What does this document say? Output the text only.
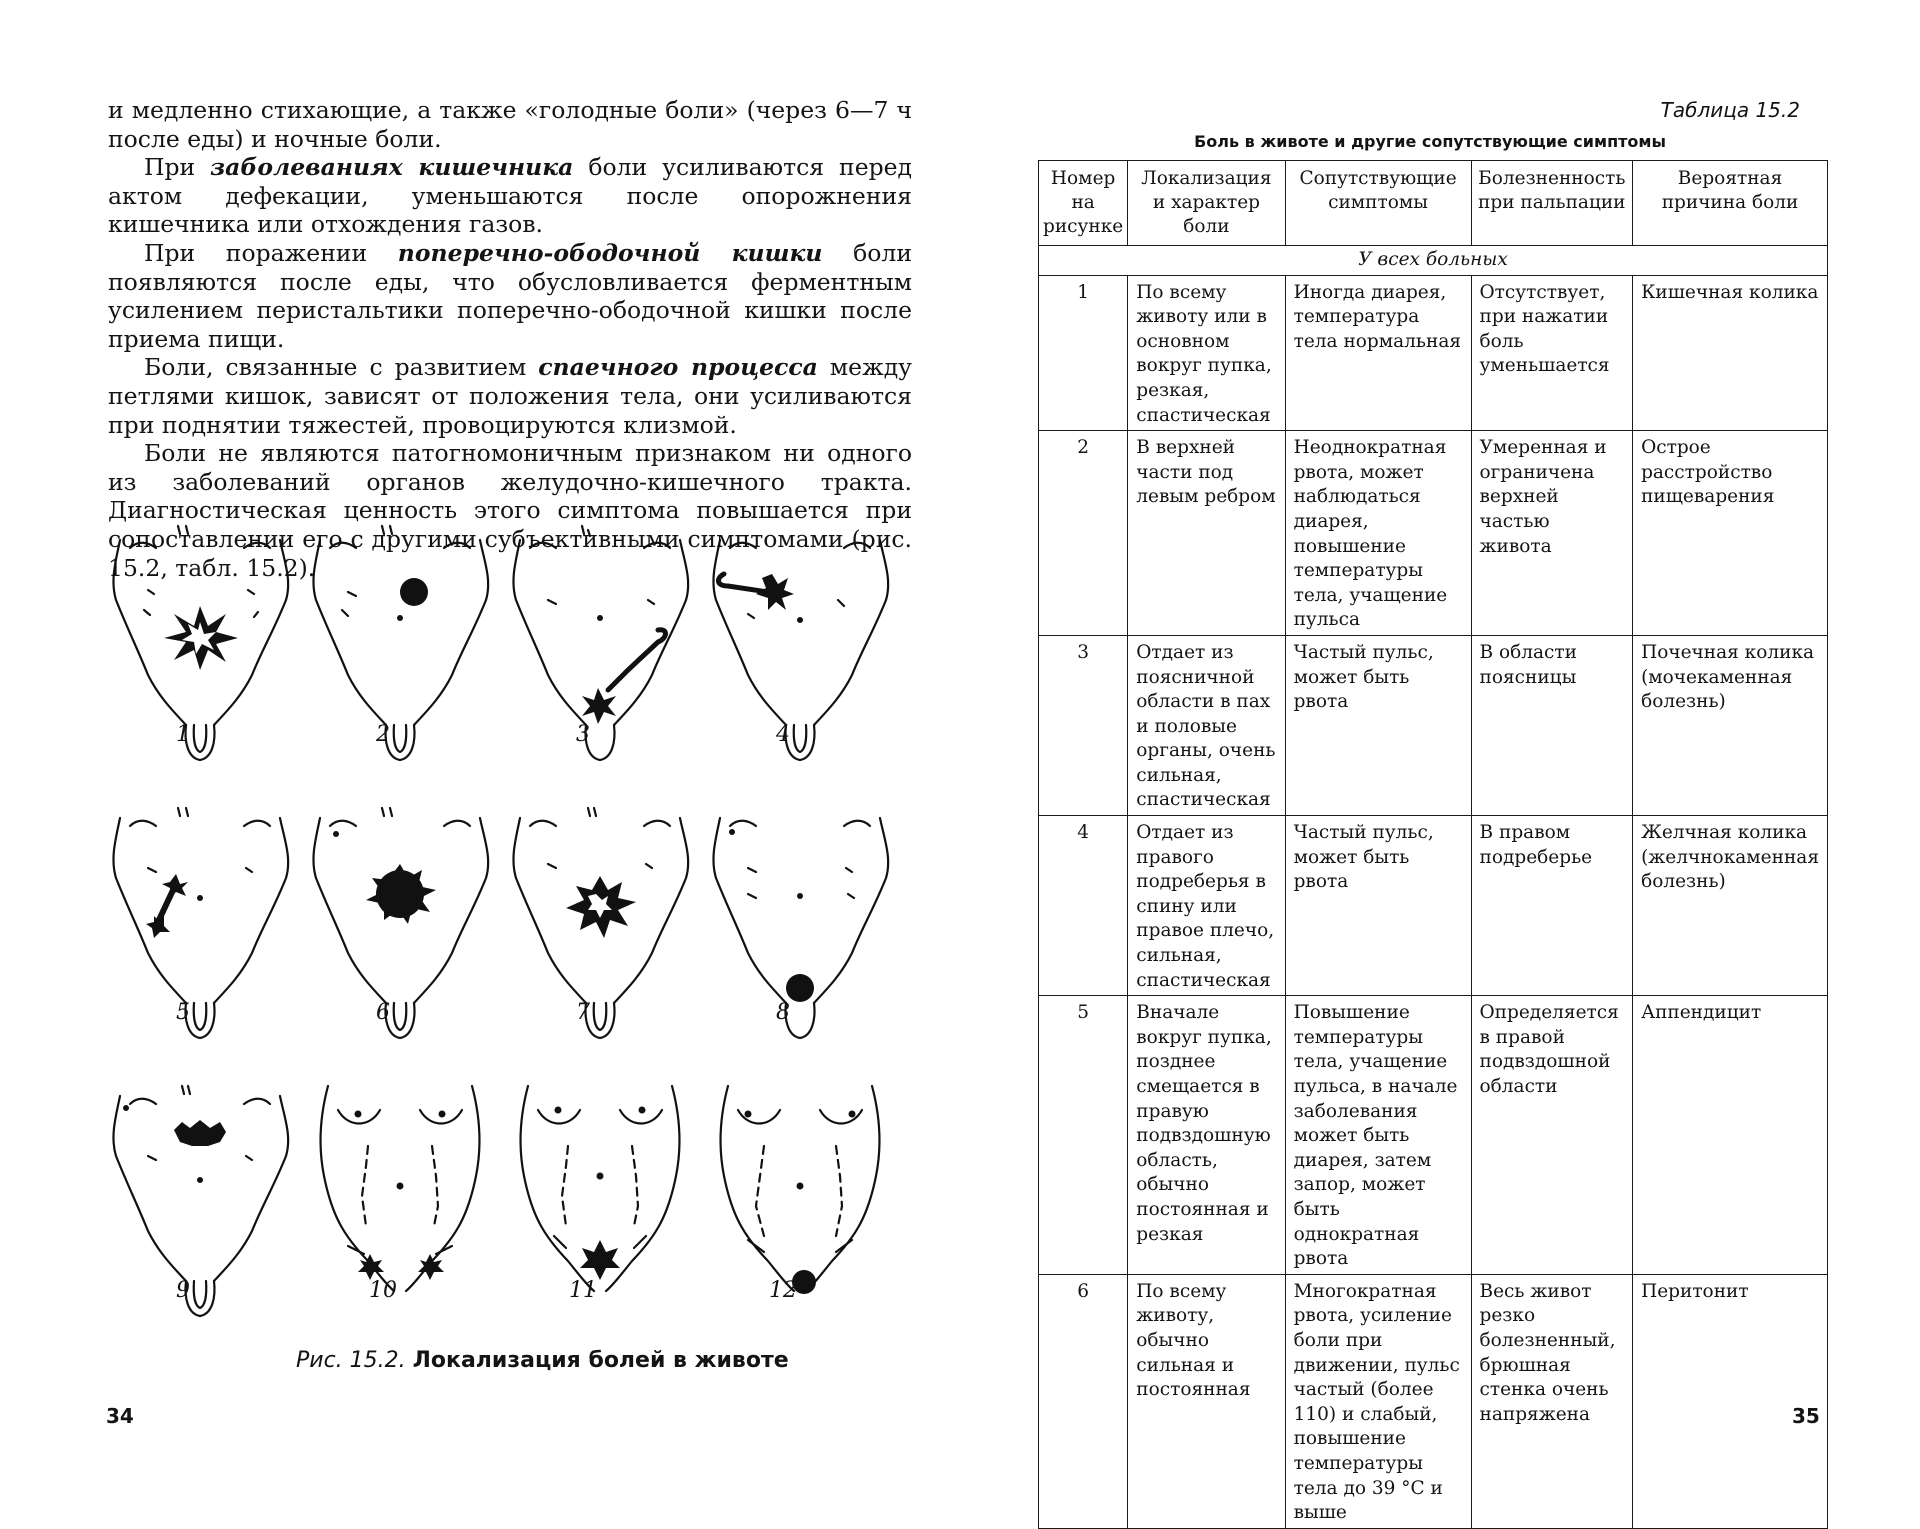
и медленно стихающие, а также «голодные боли» (через 6—7 ч после еды) и ночные боли.

При заболеваниях кишечника боли усиливаются перед актом дефекации, уменьшаются после опорожнения кишечника или отхождения газов.

При поражении поперечно-ободочной кишки боли появляются после еды, что обусловливается ферментным усилением перистальтики поперечно-ободочной кишки после приема пищи.

Боли, связанные с развитием спаечного процесса между петлями кишок, зависят от положения тела, они усиливаются при поднятии тяжестей, провоцируются клизмой.

Боли не являются патогномоничным признаком ни одного из заболеваний органов желудочно-кишечного тракта. Диагностическая ценность этого симптома повышается при сопоставлении его с другими субъективными симптомами (рис. 15.2, табл. 15.2).

1	2	3	4
5	6	7	8
9	10	11	12
Рис. 15.2. Локализация болей в животе
34
Таблица 15.2
Боль в животе и другие сопутствующие симптомы
Номер на рисунке	Локализация и характер боли	Сопутствующие симптомы	Болезненность при пальпации	Вероятная причина боли
У всех больных				
1	По всему животу или в основном вокруг пупка, резкая, спастическая	Иногда диарея, температура тела нормальная	Отсутствует, при нажатии боль уменьшается	Кишечная колика
2	В верхней части под левым ребром	Неоднократная рвота, может наблюдаться диарея, повышение температуры тела, учащение пульса	Умеренная и ограничена верхней частью живота	Острое расстройство пищеварения
3	Отдает из поясничной области в пах и половые органы, очень сильная, спастическая	Частый пульс, может быть рвота	В области поясницы	Почечная колика (мочекаменная болезнь)
4	Отдает из правого подреберья в спину или правое плечо, сильная, спастическая	Частый пульс, может быть рвота	В правом подреберье	Желчная колика (желчнокаменная болезнь)
5	Вначале вокруг пупка, позднее смещается в правую подвздошную область, обычно постоянная и резкая	Повышение температуры тела, учащение пульса, в начале заболевания может быть диарея, затем запор, может быть однократная рвота	Определяется в правой подвздошной области	Аппендицит
6	По всему животу, обычно сильная и постоянная	Многократная рвота, усиление боли при движении, пульс частый (более 110) и слабый, повышение температуры тела до 39 °C и выше	Весь живот резко болезненный, брюшная стенка очень напряжена	Перитонит
35
